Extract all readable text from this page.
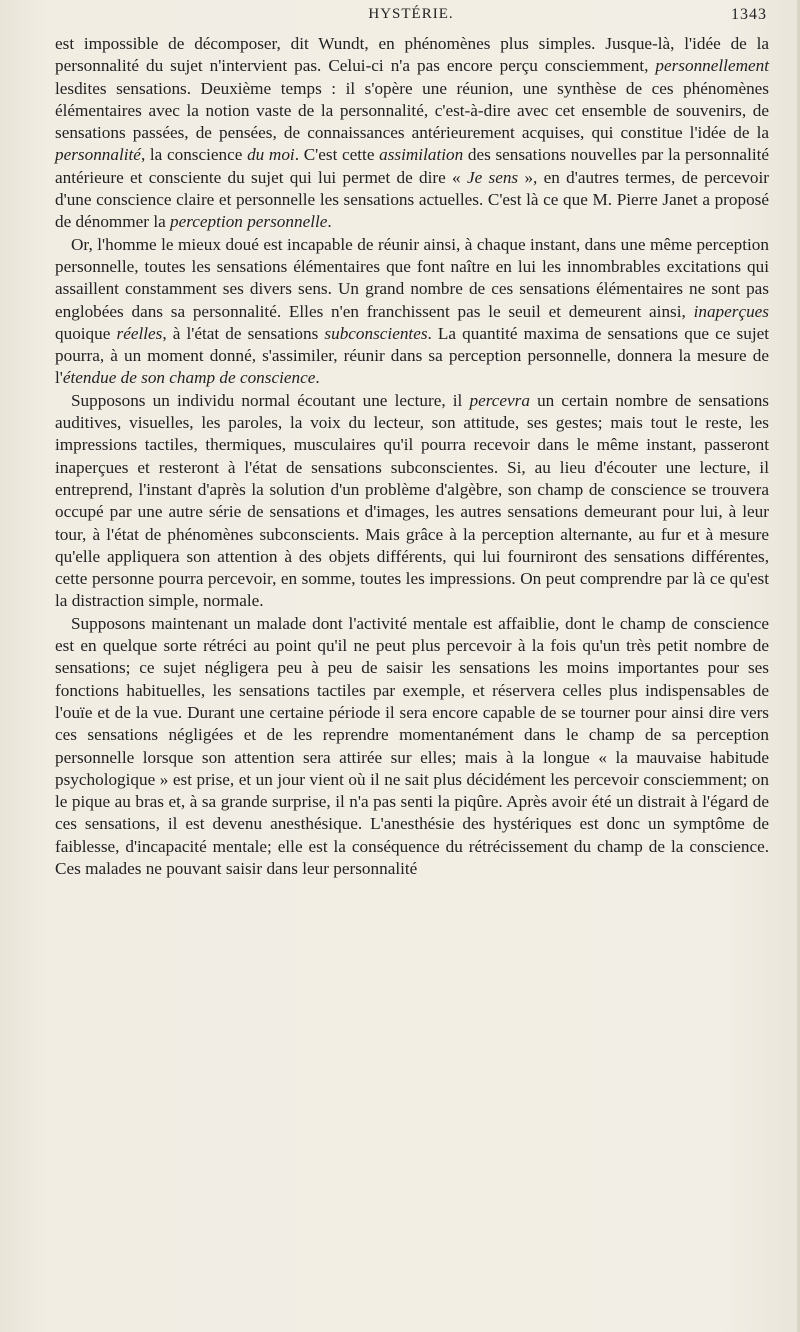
HYSTÉRIE.	1343

est impossible de décomposer, dit Wundt, en phénomènes plus simples. Jusque-là, l'idée de la personnalité du sujet n'intervient pas. Celui-ci n'a pas encore perçu consciemment, personnellement lesdites sensations. Deuxième temps : il s'opère une réunion, une synthèse de ces phénomènes élémentaires avec la notion vaste de la personnalité, c'est-à-dire avec cet ensemble de souvenirs, de sensations passées, de pensées, de connaissances antérieurement acquises, qui constitue l'idée de la personnalité, la conscience du moi. C'est cette assimilation des sensations nouvelles par la personnalité antérieure et consciente du sujet qui lui permet de dire « Je sens », en d'autres termes, de percevoir d'une conscience claire et personnelle les sensations actuelles. C'est là ce que M. Pierre Janet a proposé de dénommer la perception personnelle.

Or, l'homme le mieux doué est incapable de réunir ainsi, à chaque instant, dans une même perception personnelle, toutes les sensations élémentaires que font naître en lui les innombrables excitations qui assaillent constamment ses divers sens. Un grand nombre de ces sensations élémentaires ne sont pas englobées dans sa personnalité. Elles n'en franchissent pas le seuil et demeurent ainsi, inaperçues quoique réelles, à l'état de sensations subconscientes. La quantité maxima de sensations que ce sujet pourra, à un moment donné, s'assimiler, réunir dans sa perception personnelle, donnera la mesure de l'étendue de son champ de conscience.

Supposons un individu normal écoutant une lecture, il percevra un certain nombre de sensations auditives, visuelles, les paroles, la voix du lecteur, son attitude, ses gestes; mais tout le reste, les impressions tactiles, thermiques, musculaires qu'il pourra recevoir dans le même instant, passeront inaperçues et resteront à l'état de sensations subconscientes. Si, au lieu d'écouter une lecture, il entreprend, l'instant d'après la solution d'un problème d'algèbre, son champ de conscience se trouvera occupé par une autre série de sensations et d'images, les autres sensations demeurant pour lui, à leur tour, à l'état de phénomènes subconscients. Mais grâce à la perception alternante, au fur et à mesure qu'elle appliquera son attention à des objets différents, qui lui fourniront des sensations différentes, cette personne pourra percevoir, en somme, toutes les impressions. On peut comprendre par là ce qu'est la distraction simple, normale.

Supposons maintenant un malade dont l'activité mentale est affaiblie, dont le champ de conscience est en quelque sorte rétréci au point qu'il ne peut plus percevoir à la fois qu'un très petit nombre de sensations; ce sujet négligera peu à peu de saisir les sensations les moins importantes pour ses fonctions habituelles, les sensations tactiles par exemple, et réservera celles plus indispensables de l'ouïe et de la vue. Durant une certaine période il sera encore capable de se tourner pour ainsi dire vers ces sensations négligées et de les reprendre momentanément dans le champ de sa perception personnelle lorsque son attention sera attirée sur elles; mais à la longue « la mauvaise habitude psychologique » est prise, et un jour vient où il ne sait plus décidément les percevoir consciemment; on le pique au bras et, à sa grande surprise, il n'a pas senti la piqûre. Après avoir été un distrait à l'égard de ces sensations, il est devenu anesthésique. L'anesthésie des hystériques est donc un symptôme de faiblesse, d'incapacité mentale; elle est la conséquence du rétrécissement du champ de la conscience. Ces malades ne pouvant saisir dans leur personnalité
